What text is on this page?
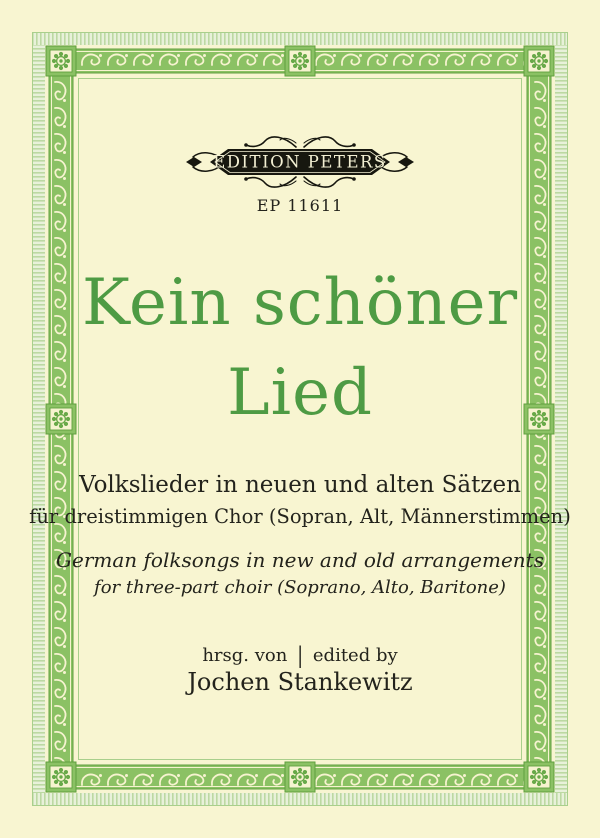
EDITION PETERS
EP 11611
Kein schöner
Lied
Volkslieder in neuen und alten Sätzen
für dreistimmigen Chor (Sopran, Alt, Männerstimmen)
German folksongs in new and old arrangements
for three-part choir (Soprano, Alto, Baritone)
hrsg. von | edited by
Jochen Stankewitz
